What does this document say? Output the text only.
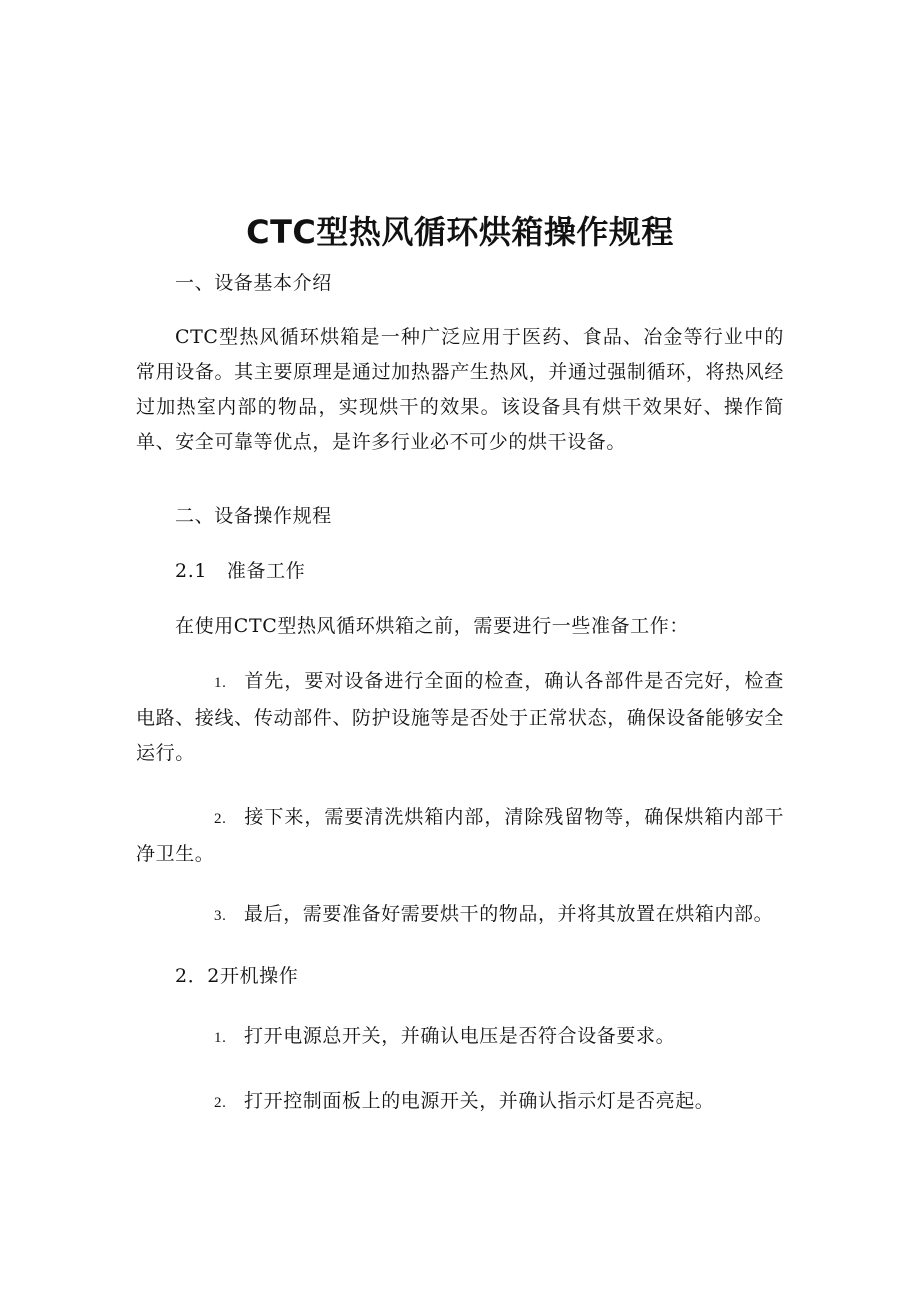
CTC型热风循环烘箱操作规程
一、设备基本介绍
CTC型热风循环烘箱是一种广泛应用于医药、食品、冶金等行业中的常用设备。其主要原理是通过加热器产生热风，并通过强制循环，将热风经过加热室内部的物品，实现烘干的效果。该设备具有烘干效果好、操作简单、安全可靠等优点，是许多行业必不可少的烘干设备。
二、设备操作规程
2.1   准备工作
在使用CTC型热风循环烘箱之前，需要进行一些准备工作：
1. 首先，要对设备进行全面的检查，确认各部件是否完好，检查电路、接线、传动部件、防护设施等是否处于正常状态，确保设备能够安全运行。
2. 接下来，需要清洗烘箱内部，清除残留物等，确保烘箱内部干净卫生。
3. 最后，需要准备好需要烘干的物品，并将其放置在烘箱内部。
2．2开机操作
1. 打开电源总开关，并确认电压是否符合设备要求。
2. 打开控制面板上的电源开关，并确认指示灯是否亮起。
